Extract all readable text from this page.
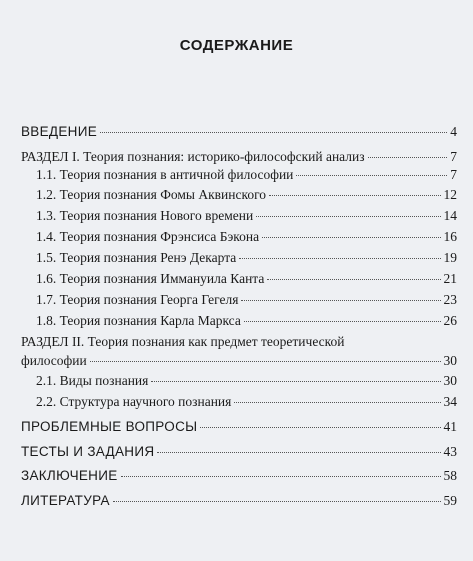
СОДЕРЖАНИЕ
ВВЕДЕНИЕ	4
РАЗДЕЛ I. Теория познания: историко-философский анализ	7
1.1. Теория познания в античной философии	7
1.2. Теория познания Фомы Аквинского	12
1.3. Теория познания Нового времени	14
1.4. Теория познания Фрэнсиса Бэкона	16
1.5. Теория познания Ренэ Декарта	19
1.6. Теория познания Иммануила Канта	21
1.7. Теория познания Георга Гегеля	23
1.8. Теория познания Карла Маркса	26
РАЗДЕЛ II. Теория познания как предмет теоретической
философии	30
2.1. Виды познания	30
2.2. Структура научного познания	34
ПРОБЛЕМНЫЕ ВОПРОСЫ	41
ТЕСТЫ И ЗАДАНИЯ	43
ЗАКЛЮЧЕНИЕ	58
ЛИТЕРАТУРА	59
